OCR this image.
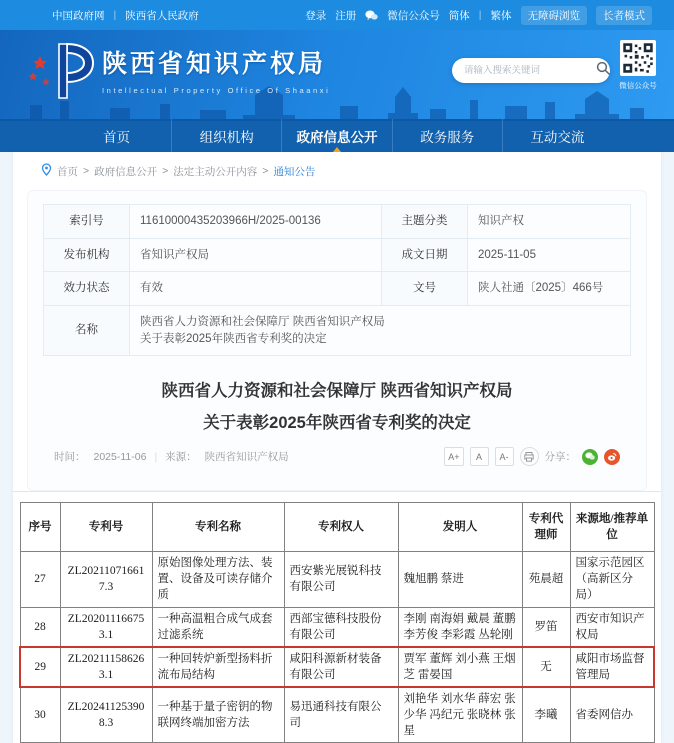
中国政府网 | 陕西省人民政府	登录 注册	微信公众号 简体 | 繁体	无障碍浏览	长者模式
陕西省知识产权局
Intellectual Property Office Of Shaanxi
请输入搜索关键词
微信公众号
首页	组织机构	政府信息公开	政务服务	互动交流
首页 > 政府信息公开 > 法定主动公开内容 > 通知公告
索引号	11610000435203966H/2025-00136	主题分类	知识产权
发布机构	省知识产权局	成文日期	2025-11-05
效力状态	有效	文号	陕人社通〔2025〕466号
名称	陕西省人力资源和社会保障厅 陕西省知识产权局
关于表彰2025年陕西省专利奖的决定		
陕西省人力资源和社会保障厅 陕西省知识产权局
关于表彰2025年陕西省专利奖的决定
时间： 2025-11-06 | 来源： 陕西省知识产权局	A+	A	A-	分享：
序号	专利号	专利名称	专利权人	发明人	专利代理师	来源地/推荐单位
27	ZL202110716617.3	原始图像处理方法、装置、设备及可读存储介质	西安紫光展锐科技有限公司	魏旭鹏 蔡进	苑晨超	国家示范园区（高新区分局）
28	ZL202011166753.1	一种高温粗合成气成套过滤系统	西部宝德科技股份有限公司	李刚 南海娟 戴晨 董鹏 李芳俊 李彩霞 丛轮刚	罗笛	西安市知识产权局
29	ZL202111586263.1	一种回转炉新型扬料折流布局结构	咸阳科源新材装备有限公司	贾军 董辉 刘小燕 王烟芝 雷晏国	无	咸阳市场监督管理局
30	ZL202411253908.3	一种基于量子密钥的物联网终端加密方法	易迅通科技有限公司	刘艳华 刘水华 薛宏 张少华 冯纪元 张晓林 张星	李曦	省委网信办
